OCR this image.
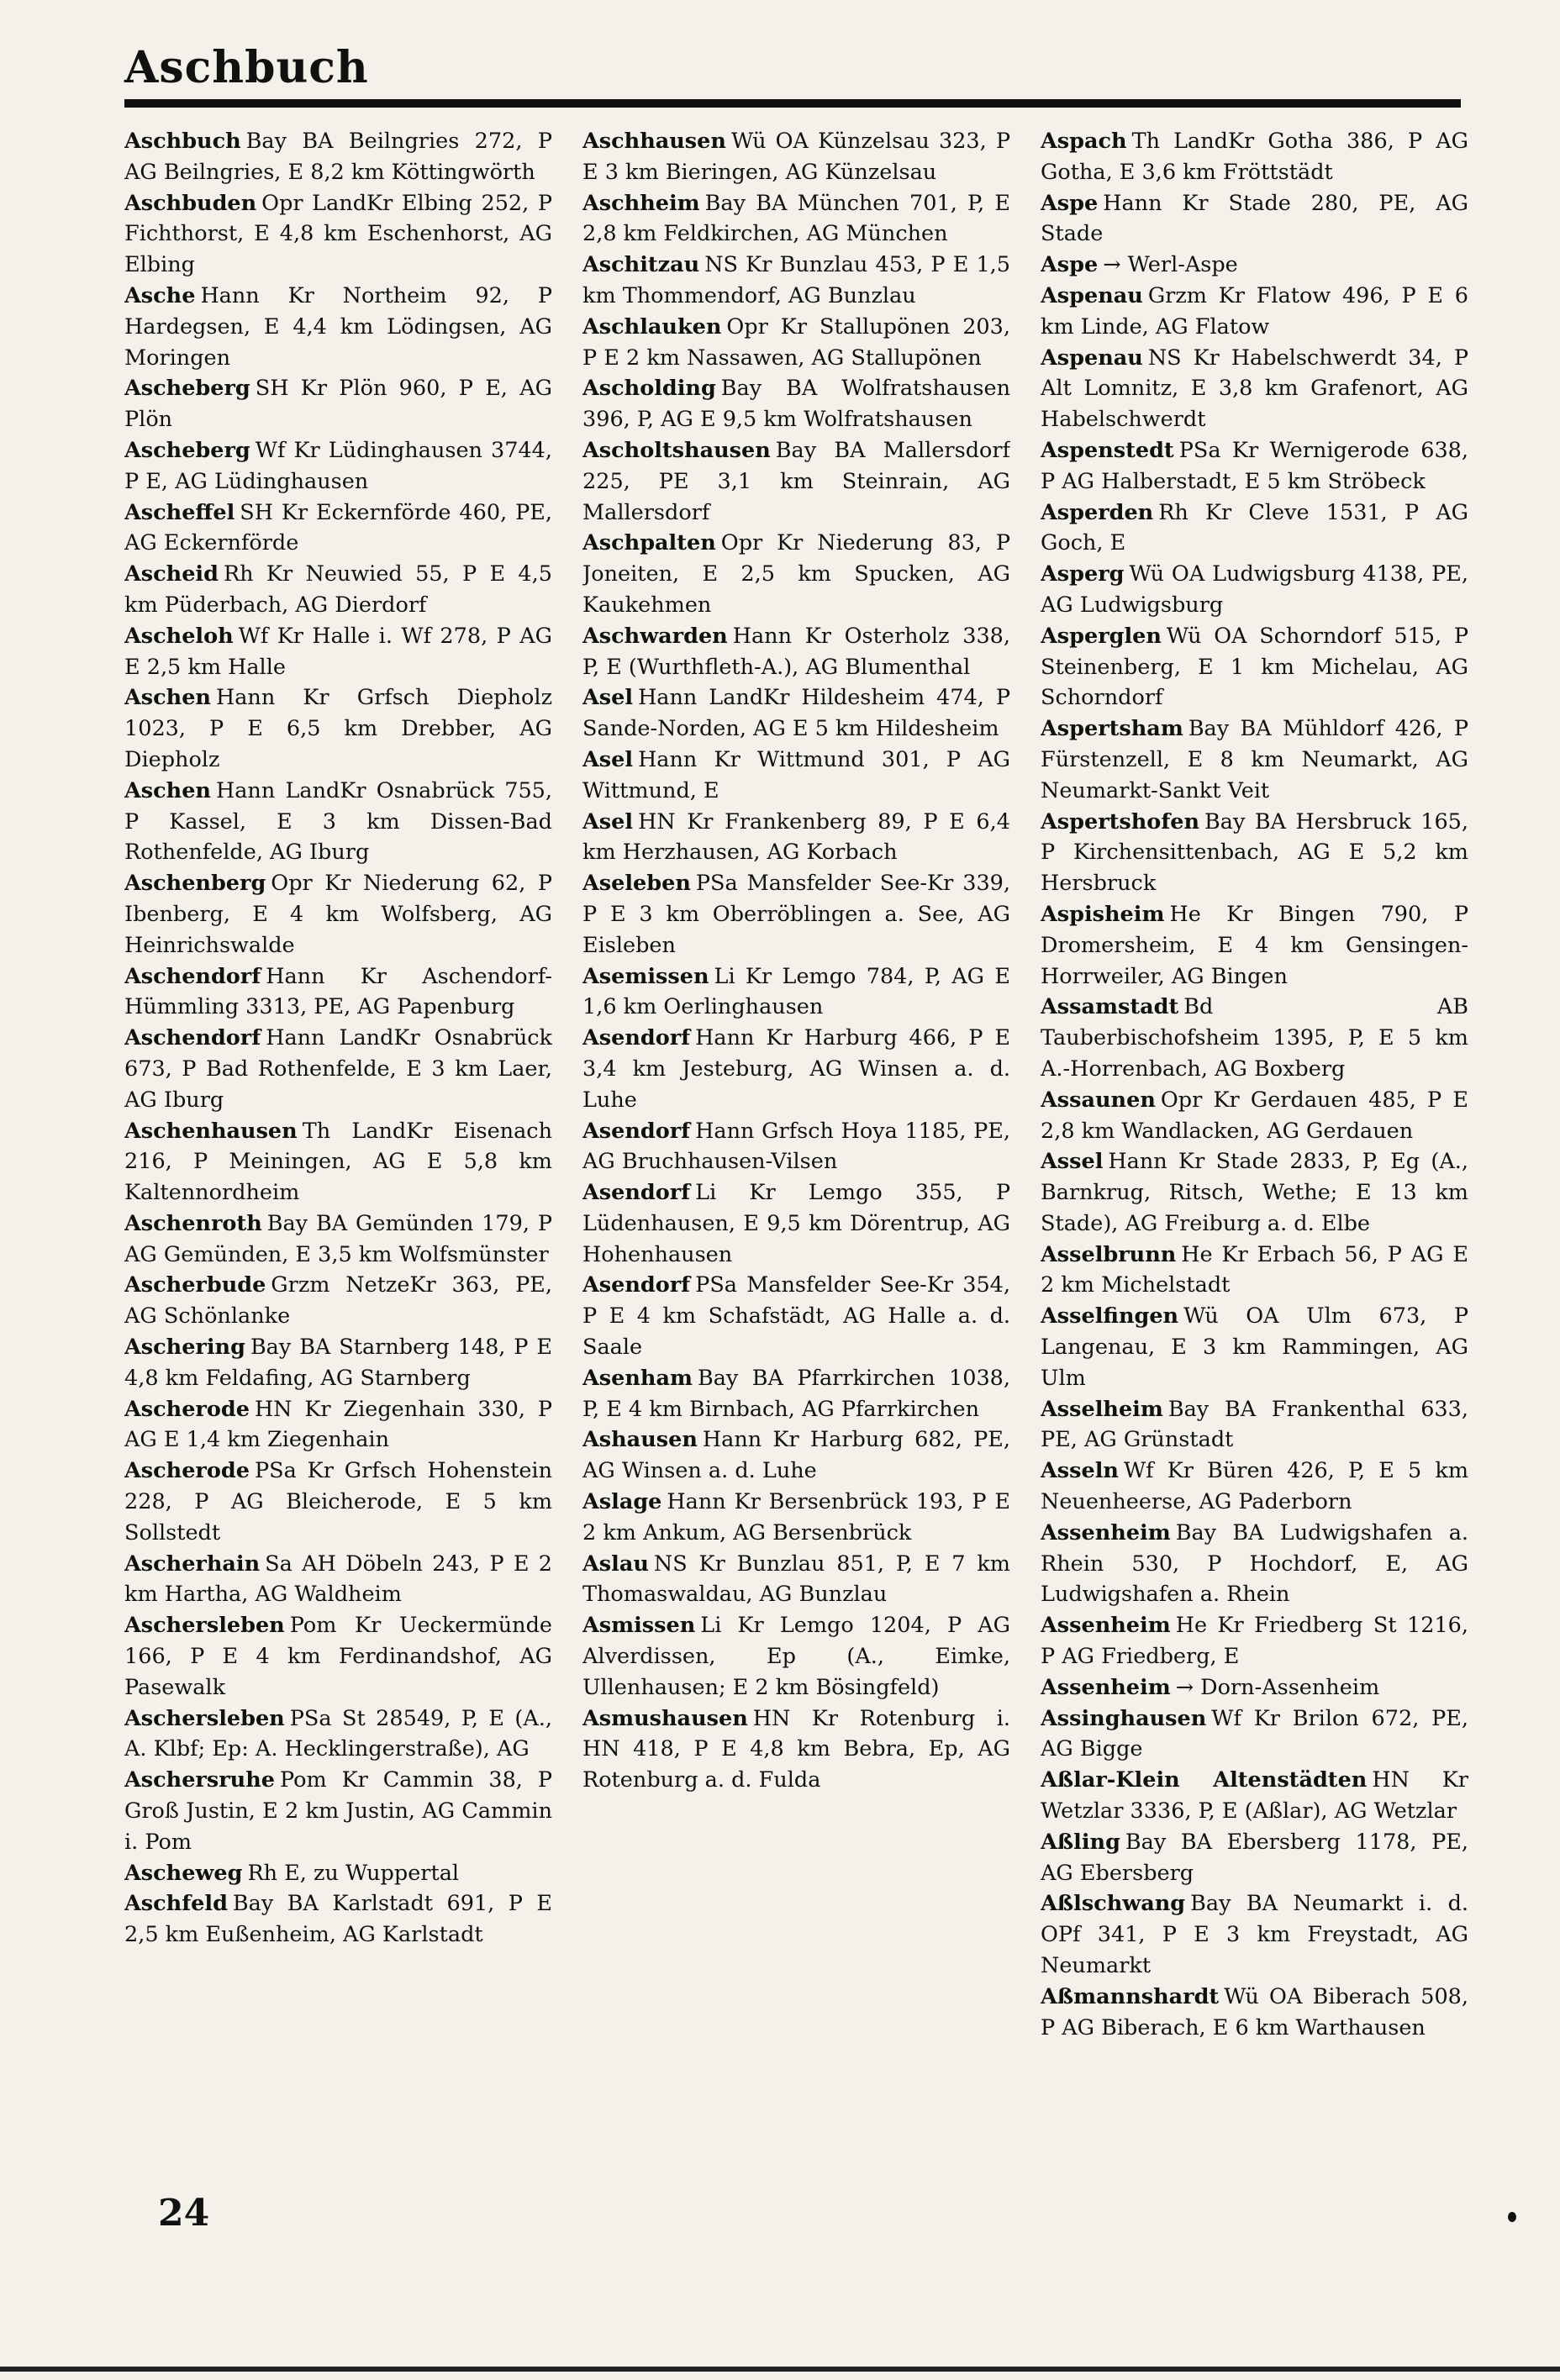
Aschbuch

Aschbuch Bay BA Beilngries 272, P AG Beilngries, E 8,2 km Köttingwörth

Aschbuden Opr LandKr Elbing 252, P Fichthorst, E 4,8 km Eschenhorst, AG Elbing

Asche Hann Kr Northeim 92, P Hardegsen, E 4,4 km Lödingsen, AG Moringen

Ascheberg SH Kr Plön 960, P E, AG Plön

Ascheberg Wf Kr Lüdinghausen 3744, P E, AG Lüdinghausen

Ascheffel SH Kr Eckernförde 460, PE, AG Eckernförde

Ascheid Rh Kr Neuwied 55, P E 4,5 km Püderbach, AG Dierdorf

Ascheloh Wf Kr Halle i. Wf 278, P AG E 2,5 km Halle

Aschen Hann Kr Grfsch Diepholz 1023, P E 6,5 km Drebber, AG Diepholz

Aschen Hann LandKr Osnabrück 755, P Kassel, E 3 km Dissen-Bad Rothenfelde, AG Iburg

Aschenberg Opr Kr Niederung 62, P Ibenberg, E 4 km Wolfsberg, AG Heinrichswalde

Aschendorf Hann Kr Aschendorf-Hümmling 3313, PE, AG Papenburg

Aschendorf Hann LandKr Osnabrück 673, P Bad Rothenfelde, E 3 km Laer, AG Iburg

Aschenhausen Th LandKr Eisenach 216, P Meiningen, AG E 5,8 km Kaltennordheim

Aschenroth Bay BA Gemünden 179, P AG Gemünden, E 3,5 km Wolfsmünster

Ascherbude Grzm NetzeKr 363, PE, AG Schönlanke

Aschering Bay BA Starnberg 148, P E 4,8 km Feldafing, AG Starnberg

Ascherode HN Kr Ziegenhain 330, P AG E 1,4 km Ziegenhain

Ascherode PSa Kr Grfsch Hohenstein 228, P AG Bleicherode, E 5 km Sollstedt

Ascherhain Sa AH Döbeln 243, P E 2 km Hartha, AG Waldheim

Aschersleben Pom Kr Ueckermünde 166, P E 4 km Ferdinandshof, AG Pasewalk

Aschersleben PSa St 28549, P, E (A., A. Klbf; Ep: A. Hecklingerstraße), AG

Aschersruhe Pom Kr Cammin 38, P Groß Justin, E 2 km Justin, AG Cammin i. Pom

Ascheweg Rh E, zu Wuppertal

Aschfeld Bay BA Karlstadt 691, P E 2,5 km Eußenheim, AG Karlstadt

Aschhausen Wü OA Künzelsau 323, P E 3 km Bieringen, AG Künzelsau

Aschheim Bay BA München 701, P, E 2,8 km Feldkirchen, AG München

Aschitzau NS Kr Bunzlau 453, P E 1,5 km Thommendorf, AG Bunzlau

Aschlauken Opr Kr Stallupönen 203, P E 2 km Nassawen, AG Stallupönen

Ascholding Bay BA Wolfratshausen 396, P, AG E 9,5 km Wolfratshausen

Ascholtshausen Bay BA Mallersdorf 225, PE 3,1 km Steinrain, AG Mallersdorf

Aschpalten Opr Kr Niederung 83, P Joneiten, E 2,5 km Spucken, AG Kaukehmen

Aschwarden Hann Kr Osterholz 338, P, E (Wurthfleth-A.), AG Blumenthal

Asel Hann LandKr Hildesheim 474, P Sande-Norden, AG E 5 km Hildesheim

Asel Hann Kr Wittmund 301, P AG Wittmund, E

Asel HN Kr Frankenberg 89, P E 6,4 km Herzhausen, AG Korbach

Aseleben PSa Mansfelder See-Kr 339, P E 3 km Oberröblingen a. See, AG Eisleben

Asemissen Li Kr Lemgo 784, P, AG E 1,6 km Oerlinghausen

Asendorf Hann Kr Harburg 466, P E 3,4 km Jesteburg, AG Winsen a. d. Luhe

Asendorf Hann Grfsch Hoya 1185, PE, AG Bruchhausen-Vilsen

Asendorf Li Kr Lemgo 355, P Lüdenhausen, E 9,5 km Dörentrup, AG Hohenhausen

Asendorf PSa Mansfelder See-Kr 354, P E 4 km Schafstädt, AG Halle a. d. Saale

Asenham Bay BA Pfarrkirchen 1038, P, E 4 km Birnbach, AG Pfarrkirchen

Ashausen Hann Kr Harburg 682, PE, AG Winsen a. d. Luhe

Aslage Hann Kr Bersenbrück 193, P E 2 km Ankum, AG Bersenbrück

Aslau NS Kr Bunzlau 851, P, E 7 km Thomaswaldau, AG Bunzlau

Asmissen Li Kr Lemgo 1204, P AG Alverdissen, Ep (A., Eimke, Ullenhausen; E 2 km Bösingfeld)

Asmushausen HN Kr Rotenburg i. HN 418, P E 4,8 km Bebra, Ep, AG Rotenburg a. d. Fulda

Aspach Th LandKr Gotha 386, P AG Gotha, E 3,6 km Fröttstädt

Aspe Hann Kr Stade 280, PE, AG Stade

Aspe → Werl-Aspe

Aspenau Grzm Kr Flatow 496, P E 6 km Linde, AG Flatow

Aspenau NS Kr Habelschwerdt 34, P Alt Lomnitz, E 3,8 km Grafenort, AG Habelschwerdt

Aspenstedt PSa Kr Wernigerode 638, P AG Halberstadt, E 5 km Ströbeck

Asperden Rh Kr Cleve 1531, P AG Goch, E

Asperg Wü OA Ludwigsburg 4138, PE, AG Ludwigsburg

Asperglen Wü OA Schorndorf 515, P Steinenberg, E 1 km Michelau, AG Schorndorf

Aspertsham Bay BA Mühldorf 426, P Fürstenzell, E 8 km Neumarkt, AG Neumarkt-Sankt Veit

Aspertshofen Bay BA Hersbruck 165, P Kirchensittenbach, AG E 5,2 km Hersbruck

Aspisheim He Kr Bingen 790, P Dromersheim, E 4 km Gensingen-Horrweiler, AG Bingen

Assamstadt Bd AB Tauberbischofsheim 1395, P, E 5 km A.-Horrenbach, AG Boxberg

Assaunen Opr Kr Gerdauen 485, P E 2,8 km Wandlacken, AG Gerdauen

Assel Hann Kr Stade 2833, P, Eg (A., Barnkrug, Ritsch, Wethe; E 13 km Stade), AG Freiburg a. d. Elbe

Asselbrunn He Kr Erbach 56, P AG E 2 km Michelstadt

Asselfingen Wü OA Ulm 673, P Langenau, E 3 km Rammingen, AG Ulm

Asselheim Bay BA Frankenthal 633, PE, AG Grünstadt

Asseln Wf Kr Büren 426, P, E 5 km Neuenheerse, AG Paderborn

Assenheim Bay BA Ludwigshafen a. Rhein 530, P Hochdorf, E, AG Ludwigshafen a. Rhein

Assenheim He Kr Friedberg St 1216, P AG Friedberg, E

Assenheim → Dorn-Assenheim

Assinghausen Wf Kr Brilon 672, PE, AG Bigge

Aßlar-Klein Altenstädten HN Kr Wetzlar 3336, P, E (Aßlar), AG Wetzlar

Aßling Bay BA Ebersberg 1178, PE, AG Ebersberg

Aßlschwang Bay BA Neumarkt i. d. OPf 341, P E 3 km Freystadt, AG Neumarkt

Aßmannshardt Wü OA Biberach 508, P AG Biberach, E 6 km Warthausen

24
